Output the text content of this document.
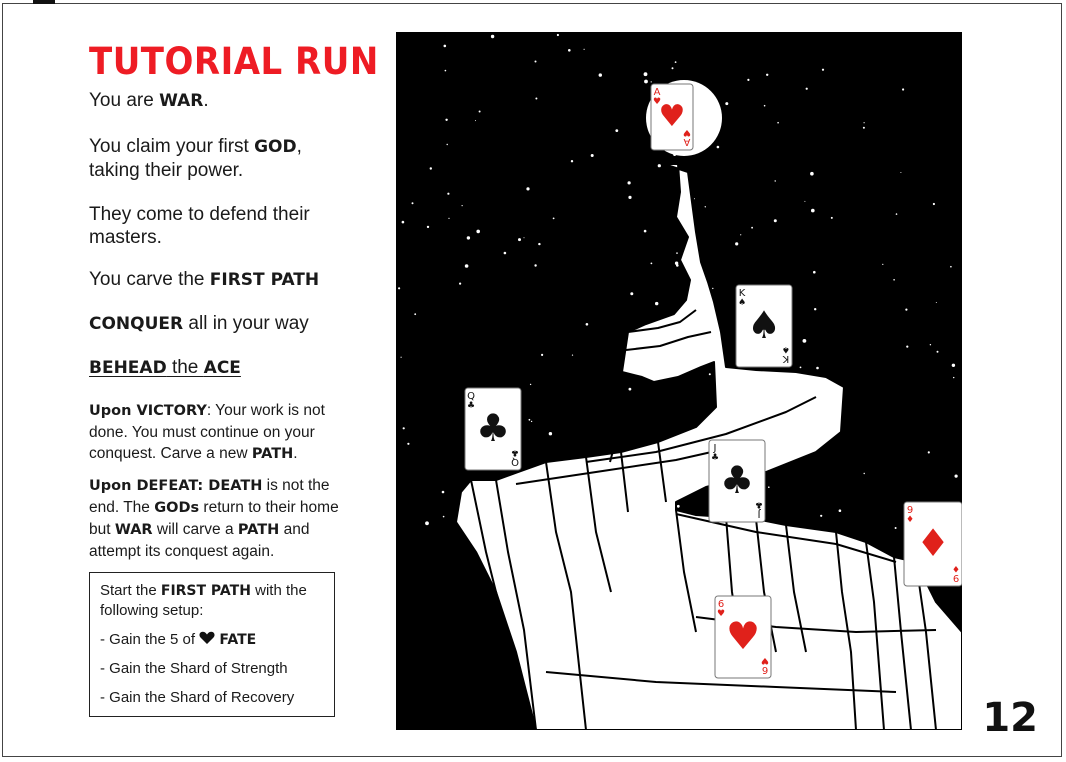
TUTORIAL RUN
You are WAR.
You claim your first GOD, taking their power.
They come to defend their masters.
You carve the FIRST PATH
CONQUER all in your way
BEHEAD the ACE
Upon VICTORY: Your work is not done. You must continue on your conquest. Carve a new PATH.
Upon DEFEAT: DEATH is not the end. The GODs return to their home but WAR will carve a PATH and attempt its conquest again.
Start the FIRST PATH with the following setup:
- Gain the 5 of  FATE
- Gain the Shard of Strength
- Gain the Shard of Recovery
A
♥
A
♥
♥
K
♠
K
♠
♠
Q
♣
Q
♣
♣	J
♣
J
♣
♣
9
♦
9
♦
♦
6
♥
6
♥
♥
12
